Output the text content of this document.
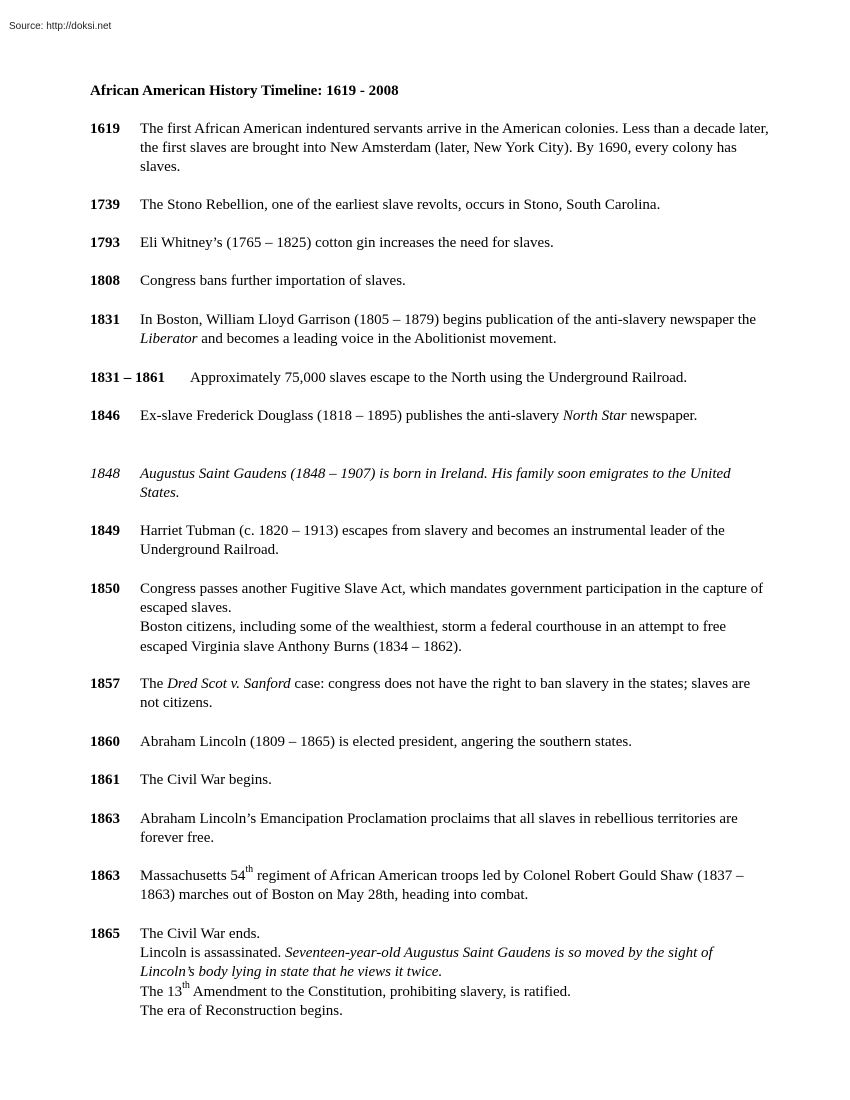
Source: http://doksi.net
African American History Timeline: 1619 - 2008
1619 The first African American indentured servants arrive in the American colonies. Less than a decade later, the first slaves are brought into New Amsterdam (later, New York City). By 1690, every colony has slaves.
1739 The Stono Rebellion, one of the earliest slave revolts, occurs in Stono, South Carolina.
1793 Eli Whitney’s (1765 – 1825) cotton gin increases the need for slaves.
1808 Congress bans further importation of slaves.
1831 In Boston, William Lloyd Garrison (1805 – 1879) begins publication of the anti-slavery newspaper the Liberator and becomes a leading voice in the Abolitionist movement.
1831 – 1861 Approximately 75,000 slaves escape to the North using the Underground Railroad.
1846 Ex-slave Frederick Douglass (1818 – 1895) publishes the anti-slavery North Star newspaper.
1848 Augustus Saint Gaudens (1848 – 1907) is born in Ireland. His family soon emigrates to the United States.
1849 Harriet Tubman (c. 1820 – 1913) escapes from slavery and becomes an instrumental leader of the Underground Railroad.
1850 Congress passes another Fugitive Slave Act, which mandates government participation in the capture of escaped slaves.
Boston citizens, including some of the wealthiest, storm a federal courthouse in an attempt to free escaped Virginia slave Anthony Burns (1834 – 1862).
1857 The Dred Scot v. Sanford case: congress does not have the right to ban slavery in the states; slaves are not citizens.
1860 Abraham Lincoln (1809 – 1865) is elected president, angering the southern states.
1861 The Civil War begins.
1863 Abraham Lincoln’s Emancipation Proclamation proclaims that all slaves in rebellious territories are forever free.
1863 Massachusetts 54th regiment of African American troops led by Colonel Robert Gould Shaw (1837 – 1863) marches out of Boston on May 28th, heading into combat.
1865 The Civil War ends.
Lincoln is assassinated. Seventeen-year-old Augustus Saint Gaudens is so moved by the sight of Lincoln’s body lying in state that he views it twice.
The 13th Amendment to the Constitution, prohibiting slavery, is ratified.
The era of Reconstruction begins.
